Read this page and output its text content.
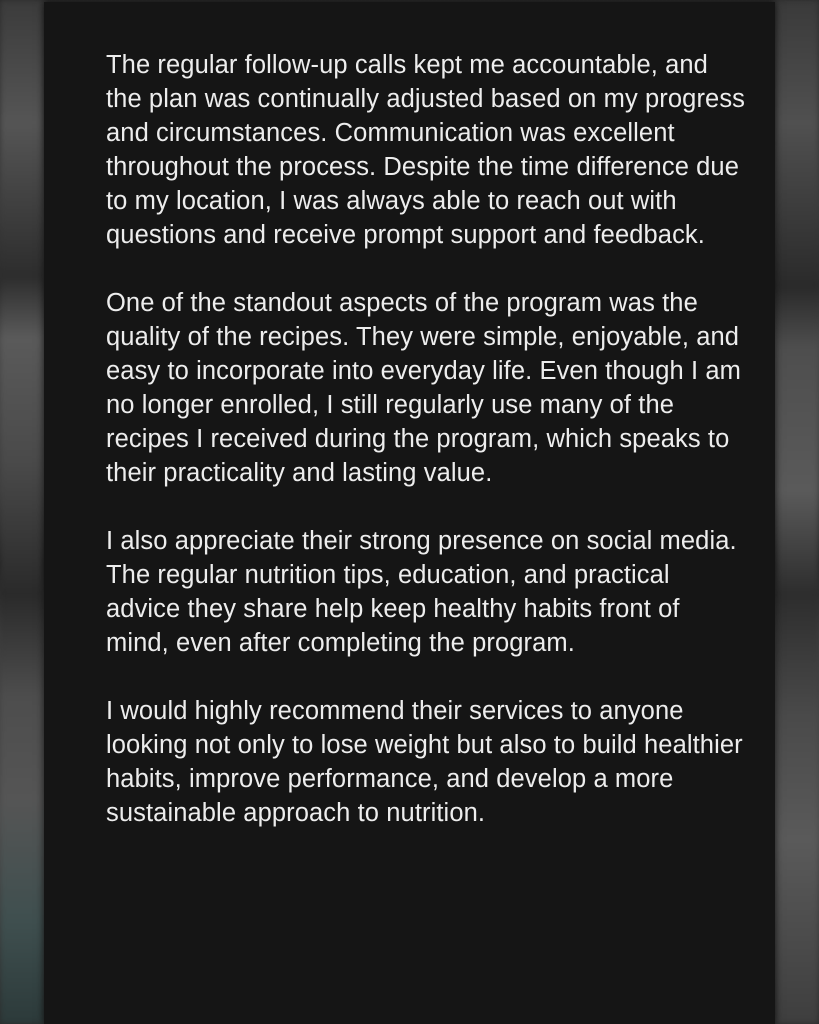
The regular follow-up calls kept me accountable, and the plan was continually adjusted based on my progress and circumstances. Communication was excellent throughout the process. Despite the time difference due to my location, I was always able to reach out with questions and receive prompt support and feedback.

One of the standout aspects of the program was the quality of the recipes. They were simple, enjoyable, and easy to incorporate into everyday life. Even though I am no longer enrolled, I still regularly use many of the recipes I received during the program, which speaks to their practicality and lasting value.

I also appreciate their strong presence on social media. The regular nutrition tips, education, and practical advice they share help keep healthy habits front of mind, even after completing the program.

I would highly recommend their services to anyone looking not only to lose weight but also to build healthier habits, improve performance, and develop a more sustainable approach to nutrition.
